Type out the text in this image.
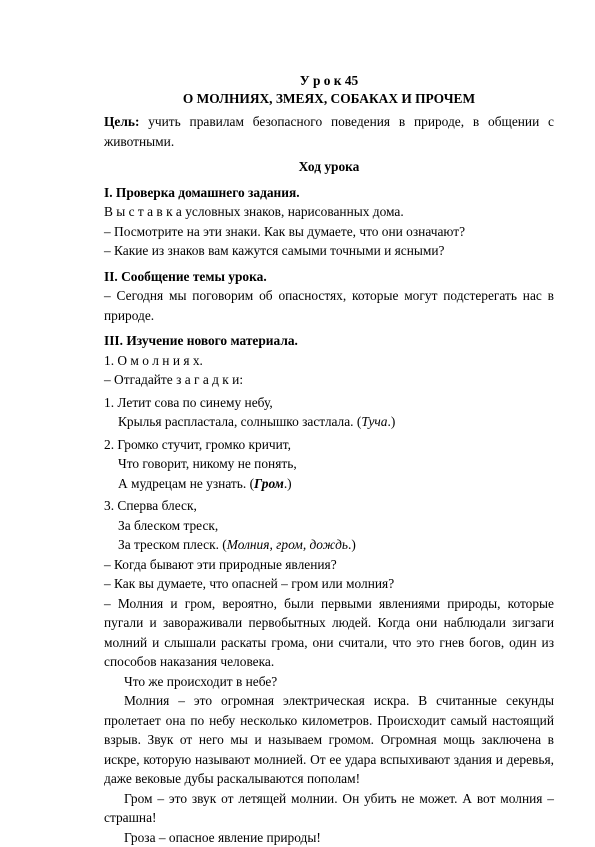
У р о к 45

О МОЛНИЯХ, ЗМЕЯХ, СОБАКАХ И ПРОЧЕМ

Цель: учить правилам безопасного поведения в природе, в общении с животными.

Ход урока

I. Проверка домашнего задания.

В ы с т а в к а условных знаков, нарисованных дома.

– Посмотрите на эти знаки. Как вы думаете, что они означают?

– Какие из знаков вам кажутся самыми точными и ясными?

II. Сообщение темы урока.

– Сегодня мы поговорим об опасностях, которые могут подстерегать нас в природе.

III. Изучение нового материала.

1. О м о л н и я х.

– Отгадайте з а г а д к и:

1. Летит сова по синему небу,

Крылья распластала, солнышко застлала. (Туча.)

2. Громко стучит, громко кричит,

Что говорит, никому не понять,

А мудрецам не узнать. (Гром.)

3. Сперва блеск,

За блеском треск,

За треском плеск. (Молния, гром, дождь.)

– Когда бывают эти природные явления?

– Как вы думаете, что опасней – гром или молния?

– Молния и гром, вероятно, были первыми явлениями природы, которые пугали и завораживали первобытных людей. Когда они наблюдали зигзаги молний и слышали раскаты грома, они считали, что это гнев богов, один из способов наказания человека.

Что же происходит в небе?

Молния – это огромная электрическая искра. В считанные секунды пролетает она по небу несколько километров. Происходит самый настоящий взрыв. Звук от него мы и называем громом. Огромная мощь заключена в искре, которую называют молнией. От ее удара вспыхивают здания и деревья, даже вековые дубы раскалываются пополам!

Гром – это звук от летящей молнии. Он убить не может. А вот молния – страшна!

Гроза – опасное явление природы!
